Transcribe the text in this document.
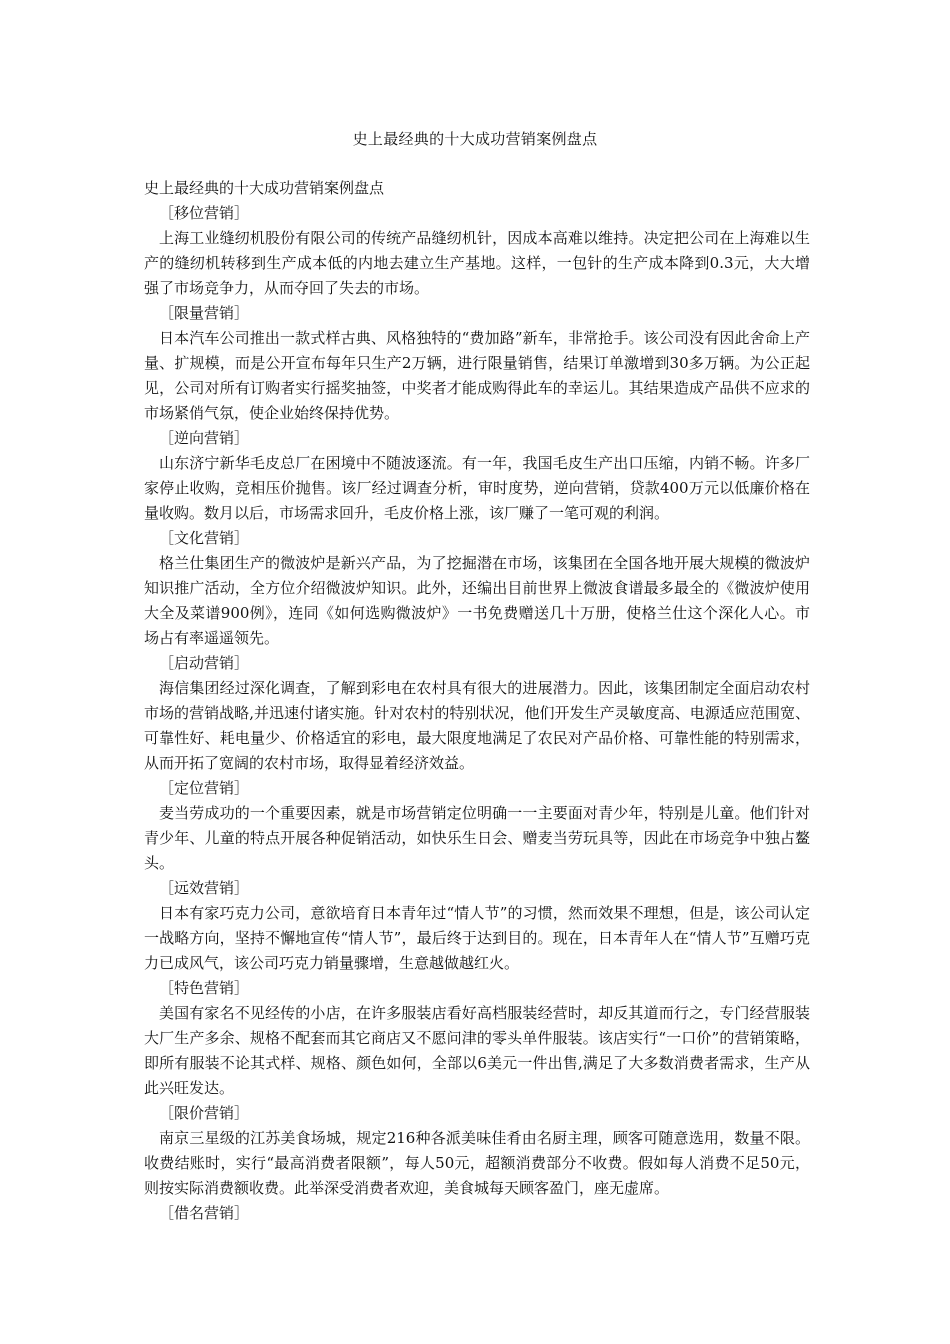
史上最经典的十大成功营销案例盘点

史上最经典的十大成功营销案例盘点

［移位营销］

上海工业缝纫机股份有限公司的传统产品缝纫机针，因成本高难以维持。决定把公司在上海难以生产的缝纫机转移到生产成本低的内地去建立生产基地。这样，一包针的生产成本降到0.3元，大大增强了市场竞争力，从而夺回了失去的市场。

［限量营销］

日本汽车公司推出一款式样古典、风格独特的“费加路”新车，非常抢手。该公司没有因此舍命上产量、扩规模，而是公开宣布每年只生产2万辆，进行限量销售，结果订单激增到30多万辆。为公正起见，公司对所有订购者实行摇奖抽签，中奖者才能成购得此车的幸运儿。其结果造成产品供不应求的市场紧俏气氛，使企业始终保持优势。

［逆向营销］

山东济宁新华毛皮总厂在困境中不随波逐流。有一年，我国毛皮生产出口压缩，内销不畅。许多厂家停止收购，竞相压价抛售。该厂经过调查分析，审时度势，逆向营销，贷款400万元以低廉价格在量收购。数月以后，市场需求回升，毛皮价格上涨，该厂赚了一笔可观的利润。

［文化营销］

格兰仕集团生产的微波炉是新兴产品，为了挖掘潜在市场，该集团在全国各地开展大规模的微波炉知识推广活动，全方位介绍微波炉知识。此外，还编出目前世界上微波食谱最多最全的《微波炉使用大全及菜谱900例》，连同《如何选购微波炉》一书免费赠送几十万册，使格兰仕这个深化人心。市场占有率遥遥领先。

［启动营销］

海信集团经过深化调查，了解到彩电在农村具有很大的进展潜力。因此，该集团制定全面启动农村市场的营销战略,并迅速付诸实施。针对农村的特别状况，他们开发生产灵敏度高、电源适应范围宽、可靠性好、耗电量少、价格适宜的彩电，最大限度地满足了农民对产品价格、可靠性能的特别需求，从而开拓了宽阔的农村市场，取得显着经济效益。

［定位营销］

麦当劳成功的一个重要因素，就是市场营销定位明确一一主要面对青少年，特别是儿童。他们针对青少年、儿童的特点开展各种促销活动，如快乐生日会、赠麦当劳玩具等，因此在市场竞争中独占鳌头。

［远效营销］

日本有家巧克力公司，意欲培育日本青年过“情人节”的习惯，然而效果不理想，但是，该公司认定一战略方向，坚持不懈地宣传“情人节”，最后终于达到目的。现在，日本青年人在“情人节”互赠巧克力已成风气，该公司巧克力销量骤增，生意越做越红火。

［特色营销］

美国有家名不见经传的小店，在许多服装店看好高档服装经营时，却反其道而行之，专门经营服装大厂生产多余、规格不配套而其它商店又不愿问津的零头单件服装。该店实行“一口价”的营销策略，即所有服装不论其式样、规格、颜色如何，全部以6美元一件出售,满足了大多数消费者需求，生产从此兴旺发达。

［限价营销］

南京三星级的江苏美食场城，规定216种各派美味佳肴由名厨主理，顾客可随意选用，数量不限。收费结账时，实行“最高消费者限额”，每人50元，超额消费部分不收费。假如每人消费不足50元，则按实际消费额收费。此举深受消费者欢迎，美食城每天顾客盈门，座无虚席。

［借名营销］
